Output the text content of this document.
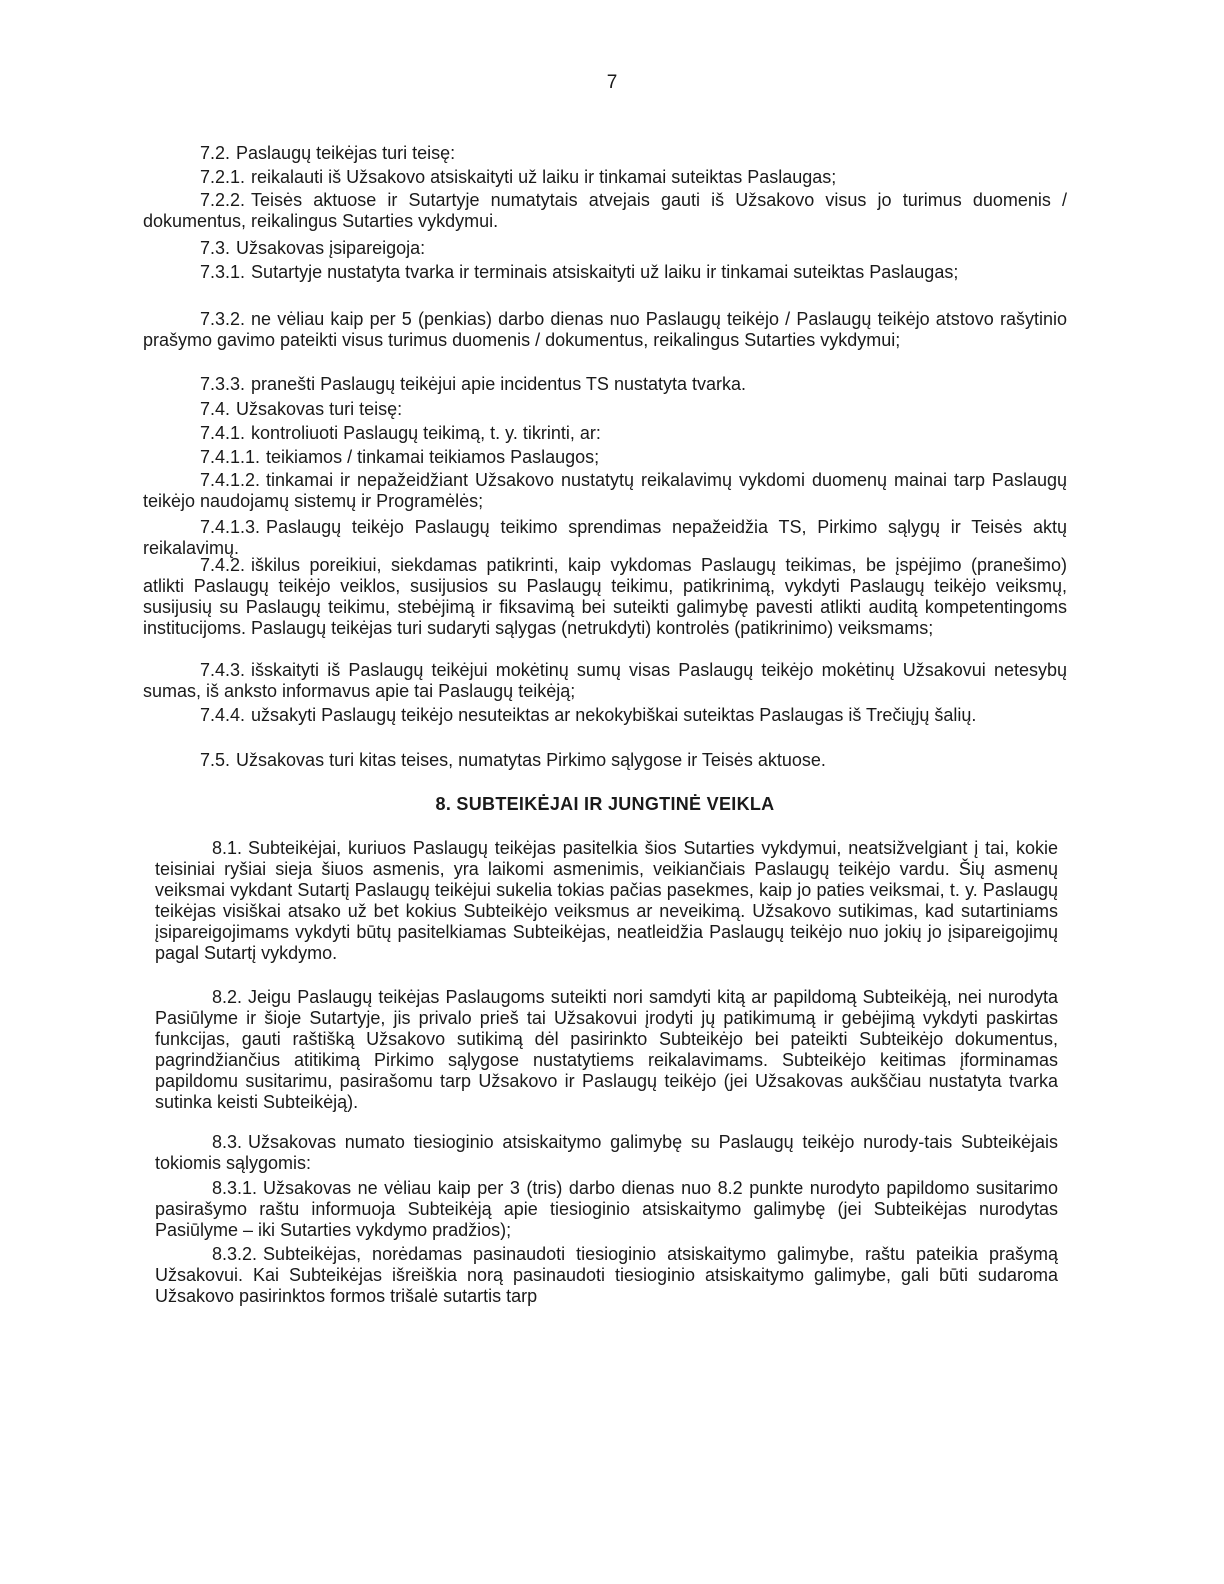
7
7.2. Paslaugų teikėjas turi teisę:
7.2.1. reikalauti iš Užsakovo atsiskaityti už laiku ir tinkamai suteiktas Paslaugas;
7.2.2. Teisės aktuose ir Sutartyje numatytais atvejais gauti iš Užsakovo visus jo turimus duomenis / dokumentus, reikalingus Sutarties vykdymui.
7.3. Užsakovas įsipareigoja:
7.3.1. Sutartyje nustatyta tvarka ir terminais atsiskaityti už laiku ir tinkamai suteiktas Paslaugas;
7.3.2. ne vėliau kaip per 5 (penkias) darbo dienas nuo Paslaugų teikėjo / Paslaugų teikėjo atstovo rašytinio prašymo gavimo pateikti visus turimus duomenis / dokumentus, reikalingus Sutarties vykdymui;
7.3.3. pranešti Paslaugų teikėjui apie incidentus TS nustatyta tvarka.
7.4. Užsakovas turi teisę:
7.4.1. kontroliuoti Paslaugų teikimą, t. y. tikrinti, ar:
7.4.1.1. teikiamos / tinkamai teikiamos Paslaugos;
7.4.1.2. tinkamai ir nepažeidžiant Užsakovo nustatytų reikalavimų vykdomi duomenų mainai tarp Paslaugų teikėjo naudojamų sistemų ir Programėlės;
7.4.1.3. Paslaugų teikėjo Paslaugų teikimo sprendimas nepažeidžia TS, Pirkimo sąlygų ir Teisės aktų reikalavimų.
7.4.2. iškilus poreikiui, siekdamas patikrinti, kaip vykdomas Paslaugų teikimas, be įspėjimo (pranešimo) atlikti Paslaugų teikėjo veiklos, susijusios su Paslaugų teikimu, patikrinimą, vykdyti Paslaugų teikėjo veiksmų, susijusių su Paslaugų teikimu, stebėjimą ir fiksavimą bei suteikti galimybę pavesti atlikti auditą kompetentingoms institucijoms. Paslaugų teikėjas turi sudaryti sąlygas (netrukdyti) kontrolės (patikrinimo) veiksmams;
7.4.3. išskaityti iš Paslaugų teikėjui mokėtinų sumų visas Paslaugų teikėjo mokėtinų Užsakovui netesybų sumas, iš anksto informavus apie tai Paslaugų teikėją;
7.4.4. užsakyti Paslaugų teikėjo nesuteiktas ar nekokybiškai suteiktas Paslaugas iš Trečiųjų šalių.
7.5. Užsakovas turi kitas teises, numatytas Pirkimo sąlygose ir Teisės aktuose.
8. SUBTEIKĖJAI IR JUNGTINĖ VEIKLA
8.1. Subteikėjai, kuriuos Paslaugų teikėjas pasitelkia šios Sutarties vykdymui, neatsižvelgiant į tai, kokie teisiniai ryšiai sieja šiuos asmenis, yra laikomi asmenimis, veikiančiais Paslaugų teikėjo vardu. Šių asmenų veiksmai vykdant Sutartį Paslaugų teikėjui sukelia tokias pačias pasekmes, kaip jo paties veiksmai, t. y. Paslaugų teikėjas visiškai atsako už bet kokius Subteikėjo veiksmus ar neveikimą. Užsakovo sutikimas, kad sutartiniams įsipareigojimams vykdyti būtų pasitelkiamas Subteikėjas, neatleidžia Paslaugų teikėjo nuo jokių jo įsipareigojimų pagal Sutartį vykdymo.
8.2. Jeigu Paslaugų teikėjas Paslaugoms suteikti nori samdyti kitą ar papildomą Subteikėją, nei nurodyta Pasiūlyme ir šioje Sutartyje, jis privalo prieš tai Užsakovui įrodyti jų patikimumą ir gebėjimą vykdyti paskirtas funkcijas, gauti raštišką Užsakovo sutikimą dėl pasirinkto Subteikėjo bei pateikti Subteikėjo dokumentus, pagrindžiančius atitikimą Pirkimo sąlygose nustatytiems reikalavimams. Subteikėjo keitimas įforminamas papildomu susitarimu, pasirašomu tarp Užsakovo ir Paslaugų teikėjo (jei Užsakovas aukščiau nustatyta tvarka sutinka keisti Subteikėją).
8.3. Užsakovas numato tiesioginio atsiskaitymo galimybę su Paslaugų teikėjo nurody-tais Subteikėjais tokiomis sąlygomis:
8.3.1. Užsakovas ne vėliau kaip per 3 (tris) darbo dienas nuo 8.2 punkte nurodyto papildomo susitarimo pasirašymo raštu informuoja Subteikėją apie tiesioginio atsiskaitymo galimybę (jei Subteikėjas nurodytas Pasiūlyme – iki Sutarties vykdymo pradžios);
8.3.2. Subteikėjas, norėdamas pasinaudoti tiesioginio atsiskaitymo galimybe, raštu pateikia prašymą Užsakovui. Kai Subteikėjas išreiškia norą pasinaudoti tiesioginio atsiskaitymo galimybe, gali būti sudaroma Užsakovo pasirinktos formos trišalė sutartis tarp
